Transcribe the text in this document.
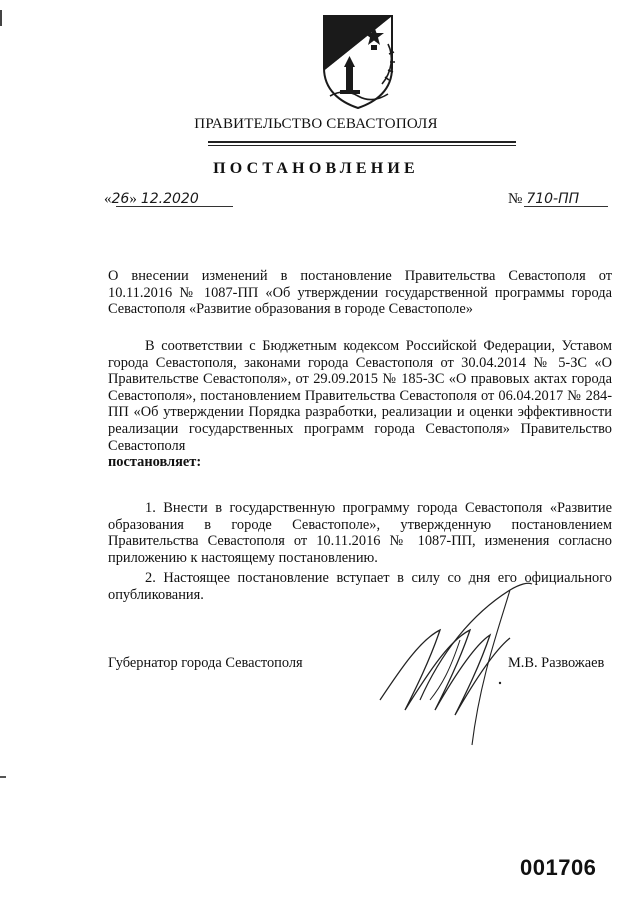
ПРАВИТЕЛЬСТВО СЕВАСТОПОЛЯ
ПОСТАНОВЛЕНИЕ
«26» 12.2020	№ 710-ПП
О внесении изменений в постановление Правительства Севастополя от 10.11.2016 № 1087-ПП «Об утверждении государственной программы города Севастополя «Развитие образования в городе Севастополе»
В соответствии с Бюджетным кодексом Российской Федерации, Уставом города Севастополя, законами города Севастополя от 30.04.2014 № 5-ЗС «О Правительстве Севастополя», от 29.09.2015 № 185-ЗС «О правовых актах города Севастополя», постановлением Правительства Севастополя от 06.04.2017 № 284-ПП «Об утверждении Порядка разработки, реализации и оценки эффективности реализации государственных программ города Севастополя» Правительство Севастополя
постановляет:
1. Внести в государственную программу города Севастополя «Развитие образования в городе Севастополе», утвержденную постановлением Правительства Севастополя от 10.11.2016 № 1087-ПП, изменения согласно приложению к настоящему постановлению.
2. Настоящее постановление вступает в силу со дня его официального опубликования.
Губернатор города Севастополя	М.В. Развожаев
001706
